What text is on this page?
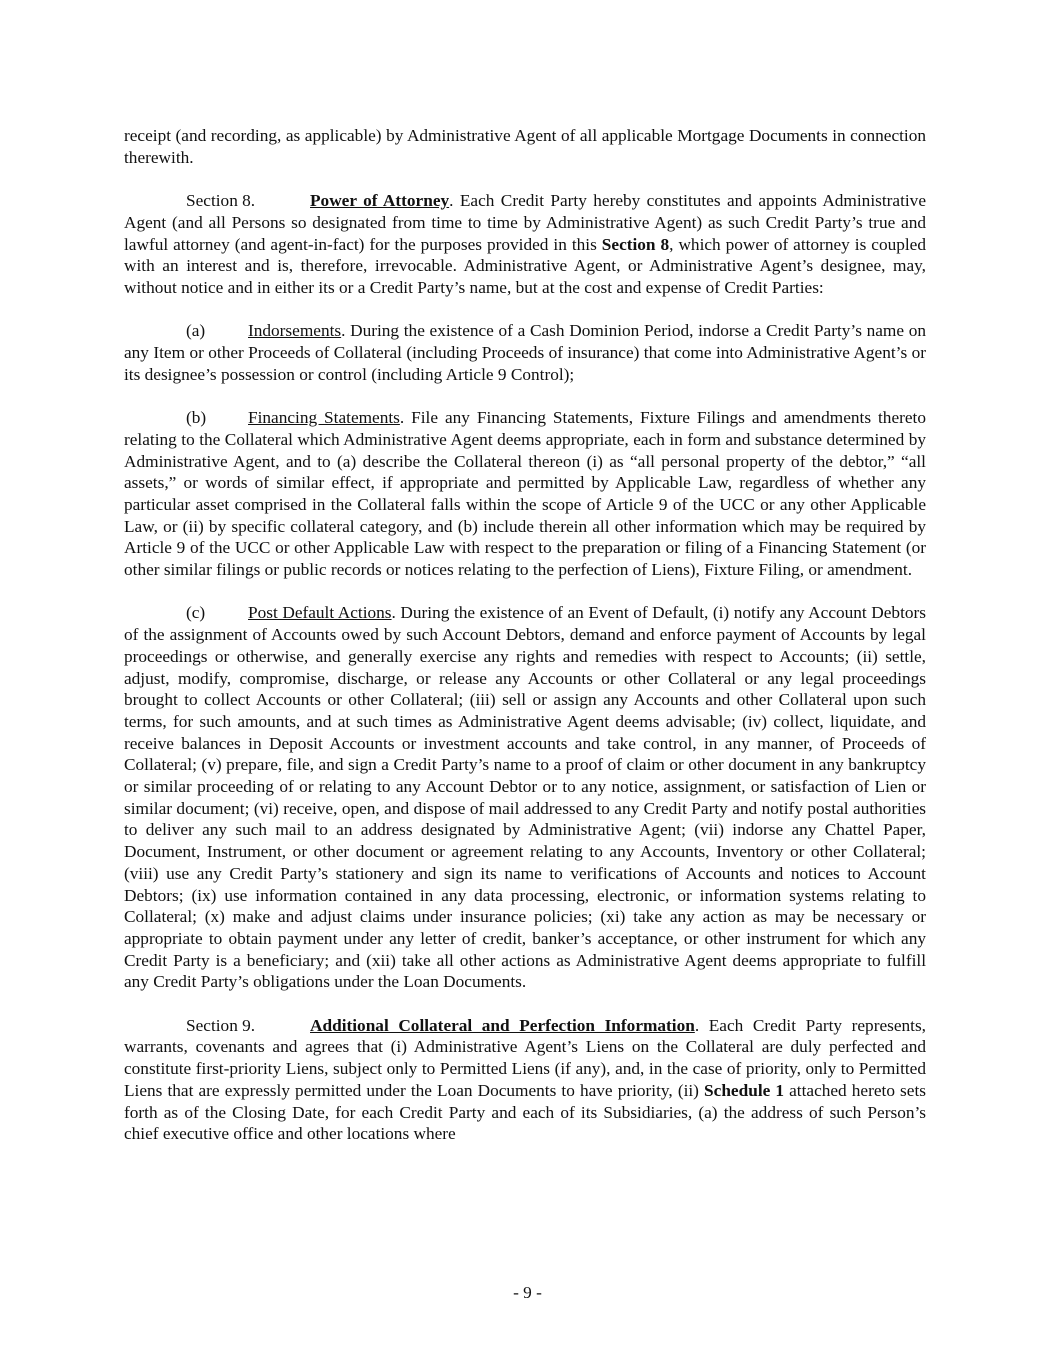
receipt (and recording, as applicable) by Administrative Agent of all applicable Mortgage Documents in connection therewith.

Section 8.	Power of Attorney. Each Credit Party hereby constitutes and appoints Administrative Agent (and all Persons so designated from time to time by Administrative Agent) as such Credit Party’s true and lawful attorney (and agent-in-fact) for the purposes provided in this Section 8, which power of attorney is coupled with an interest and is, therefore, irrevocable. Administrative Agent, or Administrative Agent’s designee, may, without notice and in either its or a Credit Party’s name, but at the cost and expense of Credit Parties:

(a) Indorsements. During the existence of a Cash Dominion Period, indorse a Credit Party’s name on any Item or other Proceeds of Collateral (including Proceeds of insurance) that come into Administrative Agent’s or its designee’s possession or control (including Article 9 Control);

(b) Financing Statements. File any Financing Statements, Fixture Filings and amendments thereto relating to the Collateral which Administrative Agent deems appropriate, each in form and substance determined by Administrative Agent, and to (a) describe the Collateral thereon (i) as “all personal property of the debtor,” “all assets,” or words of similar effect, if appropriate and permitted by Applicable Law, regardless of whether any particular asset comprised in the Collateral falls within the scope of Article 9 of the UCC or any other Applicable Law, or (ii) by specific collateral category, and (b) include therein all other information which may be required by Article 9 of the UCC or other Applicable Law with respect to the preparation or filing of a Financing Statement (or other similar filings or public records or notices relating to the perfection of Liens), Fixture Filing, or amendment.

(c) Post Default Actions. During the existence of an Event of Default, (i) notify any Account Debtors of the assignment of Accounts owed by such Account Debtors, demand and enforce payment of Accounts by legal proceedings or otherwise, and generally exercise any rights and remedies with respect to Accounts; (ii) settle, adjust, modify, compromise, discharge, or release any Accounts or other Collateral or any legal proceedings brought to collect Accounts or other Collateral; (iii) sell or assign any Accounts and other Collateral upon such terms, for such amounts, and at such times as Administrative Agent deems advisable; (iv) collect, liquidate, and receive balances in Deposit Accounts or investment accounts and take control, in any manner, of Proceeds of Collateral; (v) prepare, file, and sign a Credit Party’s name to a proof of claim or other document in any bankruptcy or similar proceeding of or relating to any Account Debtor or to any notice, assignment, or satisfaction of Lien or similar document; (vi) receive, open, and dispose of mail addressed to any Credit Party and notify postal authorities to deliver any such mail to an address designated by Administrative Agent; (vii) indorse any Chattel Paper, Document, Instrument, or other document or agreement relating to any Accounts, Inventory or other Collateral; (viii) use any Credit Party’s stationery and sign its name to verifications of Accounts and notices to Account Debtors; (ix) use information contained in any data processing, electronic, or information systems relating to Collateral; (x) make and adjust claims under insurance policies; (xi) take any action as may be necessary or appropriate to obtain payment under any letter of credit, banker’s acceptance, or other instrument for which any Credit Party is a beneficiary; and (xii) take all other actions as Administrative Agent deems appropriate to fulfill any Credit Party’s obligations under the Loan Documents.

Section 9.	Additional Collateral and Perfection Information. Each Credit Party represents, warrants, covenants and agrees that (i) Administrative Agent’s Liens on the Collateral are duly perfected and constitute first-priority Liens, subject only to Permitted Liens (if any), and, in the case of priority, only to Permitted Liens that are expressly permitted under the Loan Documents to have priority, (ii) Schedule 1 attached hereto sets forth as of the Closing Date, for each Credit Party and each of its Subsidiaries, (a) the address of such Person’s chief executive office and other locations where

- 9 -
